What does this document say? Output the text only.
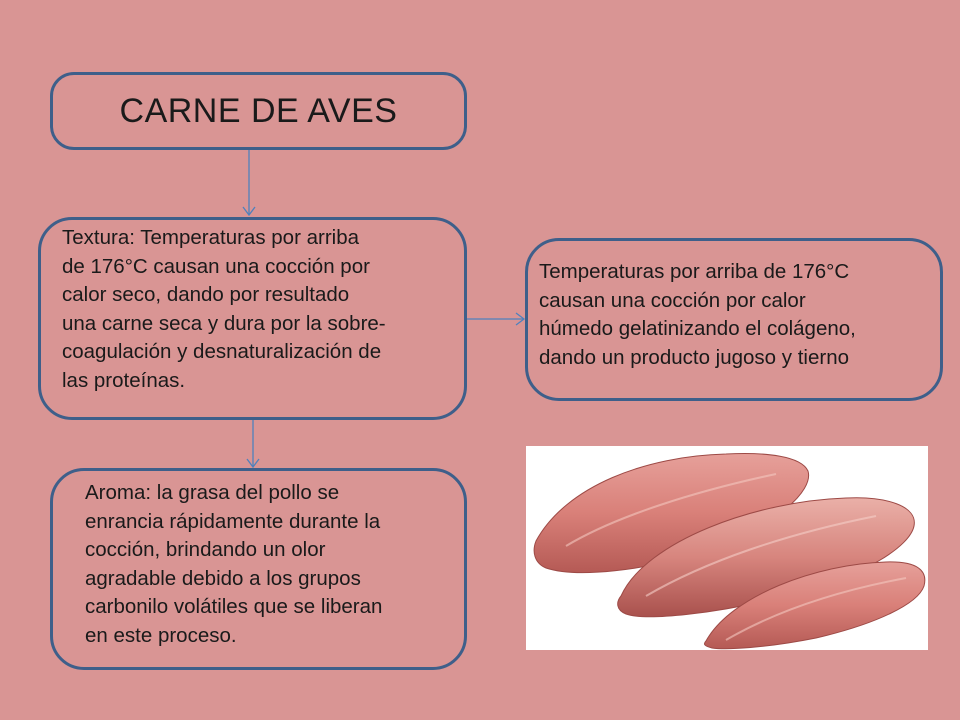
CARNE DE AVES

Textura: Temperaturas por arriba
de 176°C causan una cocción por
calor seco, dando por resultado
una carne seca y dura por la sobre-
coagulación y desnaturalización de
las proteínas.

Aroma: la grasa del pollo se
enrancia rápidamente durante la
cocción, brindando un olor
agradable debido a los grupos
carbonilo volátiles que se liberan
en este proceso.

Temperaturas por arriba de 176°C
causan una cocción por calor
húmedo gelatinizando el colágeno,
dando un producto jugoso y tierno
